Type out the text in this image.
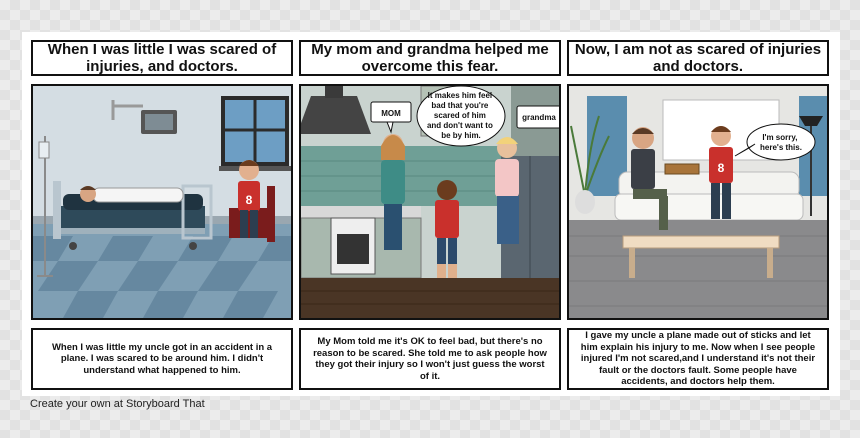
When I was little I was scared of injuries, and doctors.
8
When I was little my uncle got in an accident in a plane. I was scared to be around him. I didn't understand what happened to him.
My mom and grandma helped me overcome this fear.
MOM
It makes him feel bad that you're scared of him and don't want to be by him.
grandma
My Mom told me it's OK to feel bad, but there's no reason to be scared. She told me to ask people how they got their injury so I won't just guess the worst of it.
Now, I am not as scared of injuries and doctors.
8
I'm sorry, here's this.
I gave my uncle a plane made out of sticks and let him explain his injury to me. Now when I see people injured I'm not scared,and I understand it's not their fault or the doctors fault. Some people have accidents, and doctors help them.
Create your own at Storyboard That
